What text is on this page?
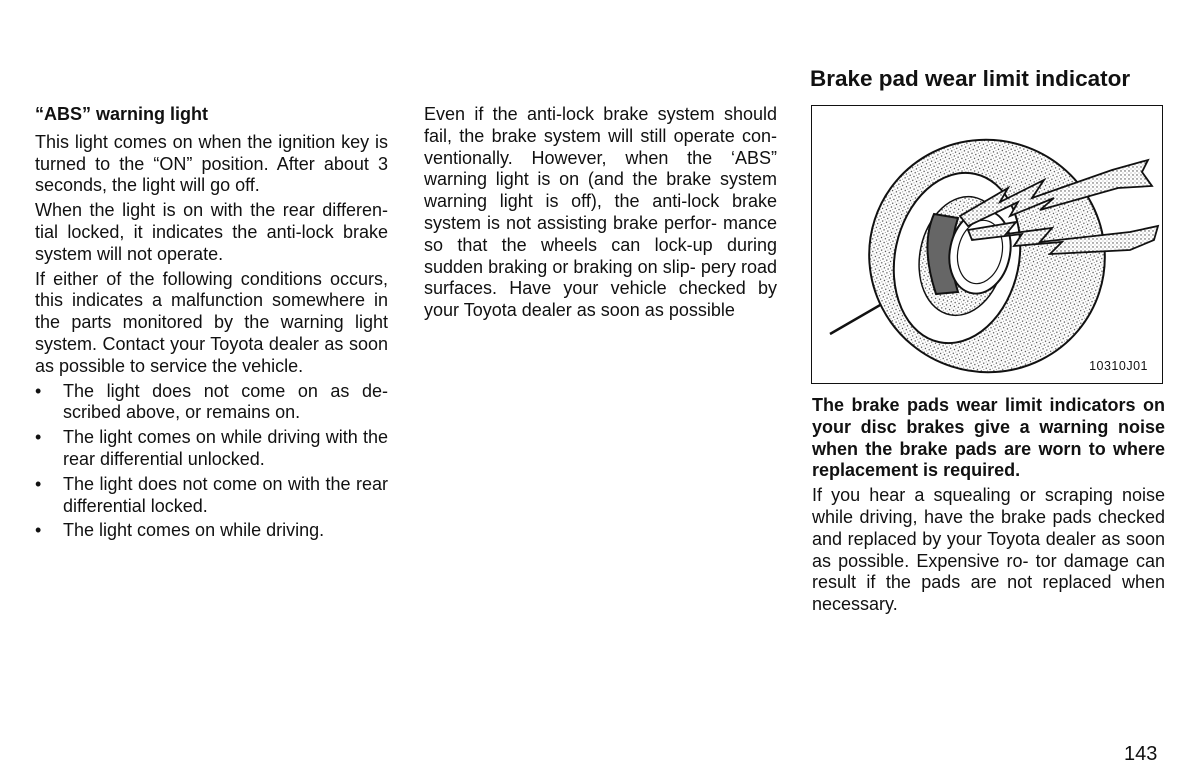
“ABS” warning light

This light comes on when the ignition key is turned to the “ON” position. After about 3 seconds, the light will go off.

When the light is on with the rear differen- tial locked, it indicates the anti-lock brake system will not operate.

If either of the following conditions occurs, this indicates a malfunction somewhere in the parts monitored by the warning light system. Contact your Toyota dealer as soon as possible to service the vehicle.

• The light does not come on as de- scribed above, or remains on.
• The light comes on while driving with the rear differential unlocked.
• The light does not come on with the rear differential locked.
• The light comes on while driving.

Even if the anti-lock brake system should fail, the brake system will still operate con- ventionally. However, when the ‘ABS” warning light is on (and the brake system warning light is off), the anti-lock brake system is not assisting brake perfor- mance so that the wheels can lock-up during sudden braking or braking on slip- pery road surfaces. Have your vehicle checked by your Toyota dealer as soon as possible

Brake pad wear limit indicator
10310J01

The brake pads wear limit indicators on your disc brakes give a warning noise when the brake pads are worn to where replacement is required.

If you hear a squealing or scraping noise while driving, have the brake pads checked and replaced by your Toyota dealer as soon as possible. Expensive ro- tor damage can result if the pads are not replaced when necessary.

143
